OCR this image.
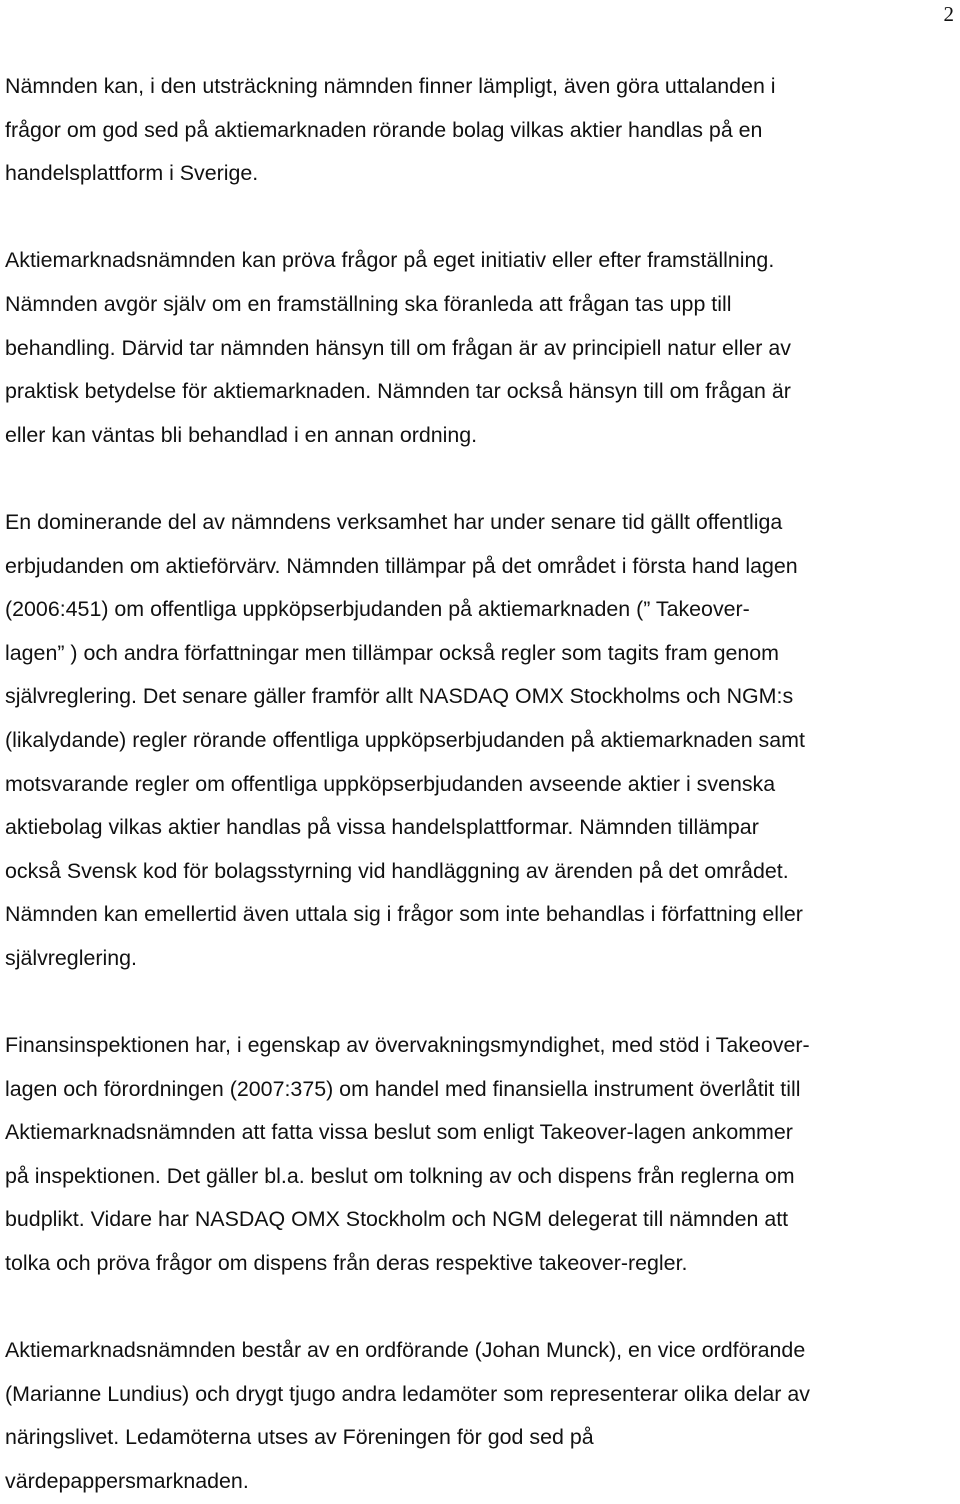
2

Nämnden kan, i den utsträckning nämnden finner lämpligt, även göra uttalanden i
frågor om god sed på aktiemarknaden rörande bolag vilkas aktier handlas på en
handelsplattform i Sverige.

Aktiemarknadsnämnden kan pröva frågor på eget initiativ eller efter framställning.
Nämnden avgör själv om en framställning ska föranleda att frågan tas upp till
behandling. Därvid tar nämnden hänsyn till om frågan är av principiell natur eller av
praktisk betydelse för aktiemarknaden. Nämnden tar också hänsyn till om frågan är
eller kan väntas bli behandlad i en annan ordning.

En dominerande del av nämndens verksamhet har under senare tid gällt offentliga
erbjudanden om aktieförvärv. Nämnden tillämpar på det området i första hand lagen
(2006:451) om offentliga uppköpserbjudanden på aktiemarknaden (” Takeover-
lagen” ) och andra författningar men tillämpar också regler som tagits fram genom
självreglering. Det senare gäller framför allt NASDAQ OMX Stockholms och NGM:s
(likalydande) regler rörande offentliga uppköpserbjudanden på aktiemarknaden samt
motsvarande regler om offentliga uppköpserbjudanden avseende aktier i svenska
aktiebolag vilkas aktier handlas på vissa handelsplattformar. Nämnden tillämpar
också Svensk kod för bolagsstyrning vid handläggning av ärenden på det området.
Nämnden kan emellertid även uttala sig i frågor som inte behandlas i författning eller
självreglering.

Finansinspektionen har, i egenskap av övervakningsmyndighet, med stöd i Takeover-
lagen och förordningen (2007:375) om handel med finansiella instrument överlåtit till
Aktiemarknadsnämnden att fatta vissa beslut som enligt Takeover-lagen ankommer
på inspektionen. Det gäller bl.a. beslut om tolkning av och dispens från reglerna om
budplikt. Vidare har NASDAQ OMX Stockholm och NGM delegerat till nämnden att
tolka och pröva frågor om dispens från deras respektive takeover-regler.

Aktiemarknadsnämnden består av en ordförande (Johan Munck), en vice ordförande
(Marianne Lundius) och drygt tjugo andra ledamöter som representerar olika delar av
näringslivet. Ledamöterna utses av Föreningen för god sed på
värdepappersmarknaden.
